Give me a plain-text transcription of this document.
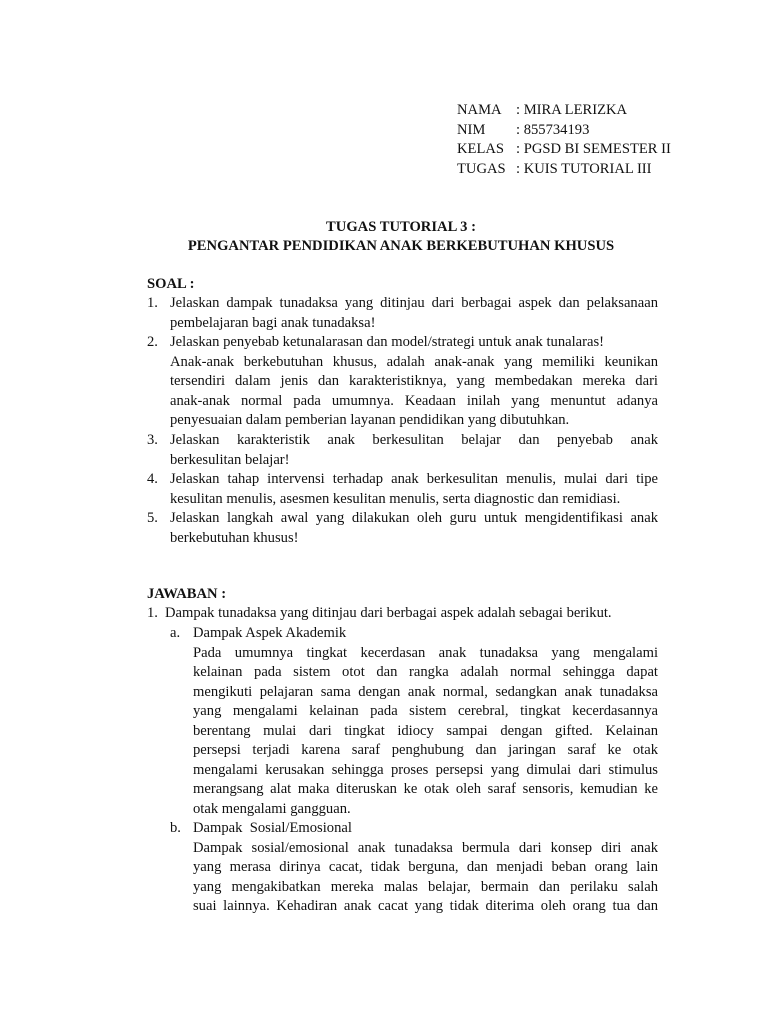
NAMA : MIRA LERIZKA
NIM	: 855734193
KELAS : PGSD BI SEMESTER II
TUGAS : KUIS TUTORIAL III
TUGAS TUTORIAL 3 :
PENGANTAR PENDIDIKAN ANAK BERKEBUTUHAN KHUSUS
SOAL :
1. Jelaskan dampak tunadaksa yang ditinjau dari berbagai aspek dan pelaksanaan
pembelajaran bagi anak tunadaksa!
2. Jelaskan penyebab ketunalarasan dan model/strategi untuk anak tunalaras!
Anak-anak berkebutuhan khusus, adalah anak-anak yang memiliki keunikan
tersendiri dalam jenis dan karakteristiknya, yang membedakan mereka dari
anak-anak normal pada umumnya. Keadaan inilah yang menuntut adanya
penyesuaian dalam pemberian layanan pendidikan yang dibutuhkan.
3. Jelaskan karakteristik anak berkesulitan belajar dan penyebab anak
berkesulitan belajar!
4. Jelaskan tahap intervensi terhadap anak berkesulitan menulis, mulai dari tipe
kesulitan menulis, asesmen kesulitan menulis, serta diagnostic dan remidiasi.
5. Jelaskan langkah awal yang dilakukan oleh guru untuk mengidentifikasi anak
berkebutuhan khusus!
JAWABAN :
1. Dampak tunadaksa yang ditinjau dari berbagai aspek adalah sebagai berikut.
a. Dampak Aspek Akademik
Pada umumnya tingkat kecerdasan anak tunadaksa yang mengalami
kelainan pada sistem otot dan rangka adalah normal sehingga dapat
mengikuti pelajaran sama dengan anak normal, sedangkan anak tunadaksa
yang mengalami kelainan pada sistem cerebral, tingkat kecerdasannya
berentang mulai dari tingkat idiocy sampai dengan gifted. Kelainan
persepsi terjadi karena saraf penghubung dan jaringan saraf ke otak
mengalami kerusakan sehingga proses persepsi yang dimulai dari stimulus
merangsang alat maka diteruskan ke otak oleh saraf sensoris, kemudian ke
otak mengalami gangguan.
b. Dampak  Sosial/Emosional
Dampak sosial/emosional anak tunadaksa bermula dari konsep diri anak
yang merasa dirinya cacat, tidak berguna, dan menjadi beban orang lain
yang mengakibatkan mereka malas belajar, bermain dan perilaku salah
suai lainnya. Kehadiran anak cacat yang tidak diterima oleh orang tua dan
